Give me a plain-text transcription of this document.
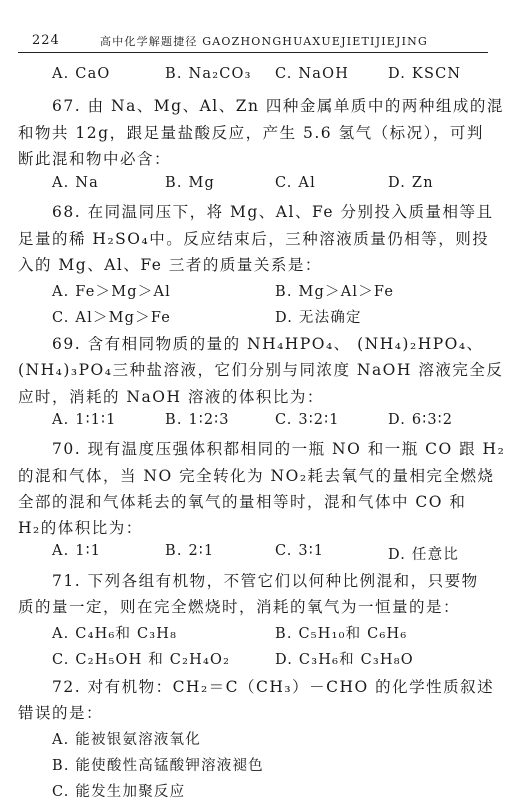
224	高中化学解题捷径 GAOZHONGHUAXUEJIETIJIEJING
A. CaO	B. Na₂CO₃ C. NaOH	D. KSCN
67. 由 Na、Mg、Al、Zn 四种金属单质中的两种组成的混
和物共 12g，跟足量盐酸反应，产生 5.6 氢气（标况），可判
断此混和物中必含：
A. Na	B. Mg	C. Al	D. Zn
68. 在同温同压下，将 Mg、Al、Fe 分别投入质量相等且
足量的稀 H₂SO₄中。反应结束后，三种溶液质量仍相等，则投
入的 Mg、Al、Fe 三者的质量关系是：
A. Fe＞Mg＞Al	B. Mg＞Al＞Fe
C. Al＞Mg＞Fe	D. 无法确定
69. 含有相同物质的量的 NH₄HPO₄、 (NH₄)₂HPO₄、
(NH₄)₃PO₄三种盐溶液，它们分别与同浓度 NaOH 溶液完全反
应时，消耗的 NaOH 溶液的体积比为：
A. 1∶1∶1	B. 1∶2∶3	C. 3∶2∶1	D. 6∶3∶2
70. 现有温度压强体积都相同的一瓶 NO 和一瓶 CO 跟 H₂
的混和气体，当 NO 完全转化为 NO₂耗去氧气的量相完全燃烧
全部的混和气体耗去的氧气的量相等时，混和气体中 CO 和
H₂的体积比为：
A. 1∶1	B. 2∶1	C. 3∶1	D. 任意比
71. 下列各组有机物，不管它们以何种比例混和，只要物
质的量一定，则在完全燃烧时，消耗的氧气为一恒量的是：
A. C₄H₆和 C₃H₈	B. C₅H₁₀和 C₆H₆
C. C₂H₅OH 和 C₂H₄O₂	D. C₃H₆和 C₃H₈O
72. 对有机物：CH₂＝C（CH₃）－CHO 的化学性质叙述
错误的是：
A. 能被银氨溶液氧化
B. 能使酸性高锰酸钾溶液褪色
C. 能发生加聚反应
